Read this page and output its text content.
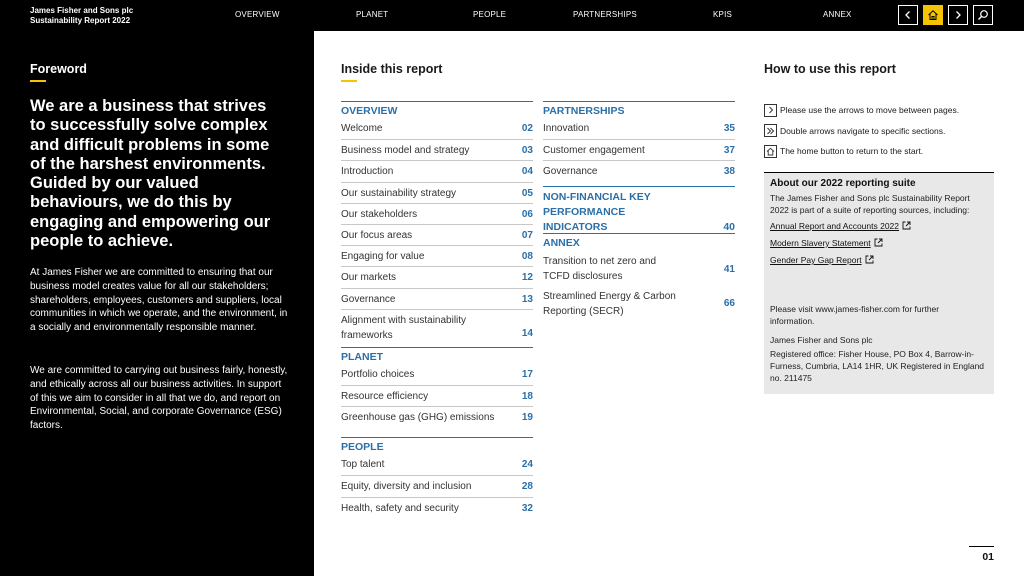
James Fisher and Sons plc
Sustainability Report 2022
OVERVIEW	PLANET	PEOPLE	PARTNERSHIPS	KPIS	ANNEX
Foreword
We are a business that strives to successfully solve complex and difficult problems in some of the harshest environments. Guided by our valued behaviours, we do this by engaging and empowering our people to achieve.
At James Fisher we are committed to ensuring that our business model creates value for all our stakeholders; shareholders, employees, customers and suppliers, local communities in which we operate, and the environment, in a socially and environmentally responsible manner.
We are committed to carrying out business fairly, honestly, and ethically across all our business activities. In support of this we aim to consider in all that we do, and report on Environmental, Social, and corporate Governance (ESG) factors.
Inside this report
OVERVIEW
Welcome	02
Business model and strategy	03
Introduction	04
Our sustainability strategy	05
Our stakeholders	06
Our focus areas	07
Engaging for value	08
Our markets	12
Governance	13
Alignment with sustainability frameworks	14
PLANET
Portfolio choices	17
Resource efficiency	18
Greenhouse gas (GHG) emissions	19
PEOPLE
Top talent	24
Equity, diversity and inclusion	28
Health, safety and security	32
PARTNERSHIPS
Innovation	35
Customer engagement	37
Governance	38
NON-FINANCIAL KEY PERFORMANCE INDICATORS	40
ANNEX
Transition to net zero and TCFD disclosures
41
Streamlined Energy & Carbon Reporting (SECR)
66
How to use this report
Please use the arrows to move between pages.
Double arrows navigate to specific sections.
The home button to return to the start.
About our 2022 reporting suite
The James Fisher and Sons plc Sustainability Report 2022 is part of a suite of reporting sources, including:
Annual Report and Accounts 2022
Modern Slavery Statement
Gender Pay Gap Report
Please visit www.james-fisher.com for further information.
James Fisher and Sons plc
Registered office: Fisher House, PO Box 4, Barrow-in-Furness, Cumbria, LA14 1HR, UK Registered in England no. 211475
01
